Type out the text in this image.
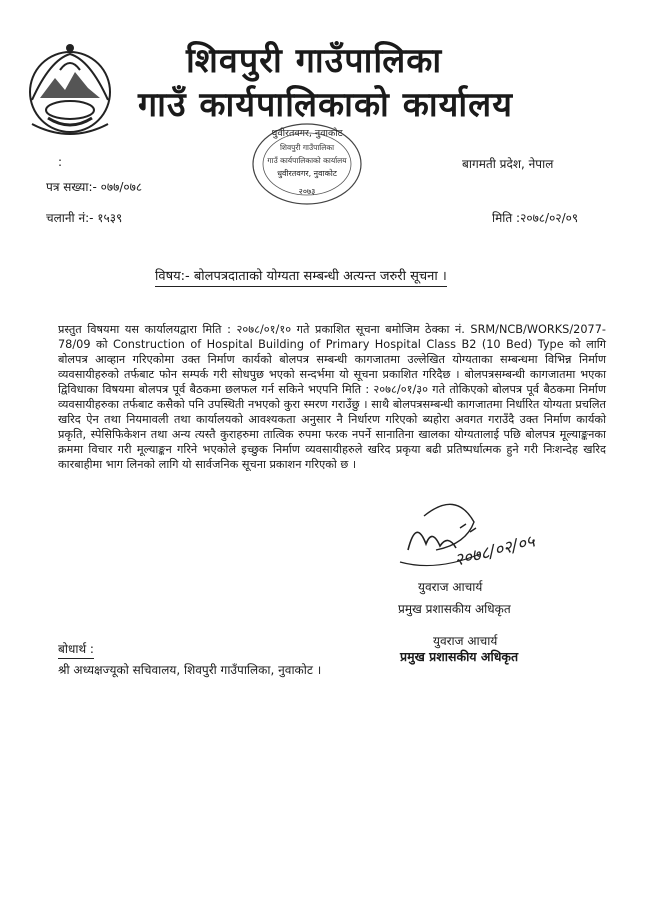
शिवपुरी गाउँपालिका
गाउँ कार्यपालिकाको कार्यालय
धुवीरतवगर, नुवाकोट
शिवपुरी गाउँपालिका
गाउँ कार्यपालिकाको कार्यालय
धुवीरतवगर, नुवाकोट
२०७३
:	बागमती प्रदेश, नेपाल
पत्र सख्या:- ०७७/०७८
चलानी नं:- १५३९	मिति :२०७८/०२/०९
विषय:- बोलपत्रदाताको योग्यता सम्बन्धी अत्यन्त जरुरी सूचना ।
प्रस्तुत विषयमा यस कार्यालयद्वारा मिति : २०७८/०१/१० गते प्रकाशित सूचना बमोजिम ठेक्का नं. SRM/NCB/WORKS/2077-78/09 को Construction of Hospital Building of Primary Hospital Class B2 (10 Bed) Type को लागि बोलपत्र आव्हान गरिएकोमा उक्त निर्माण कार्यको बोलपत्र सम्बन्धी कागजातमा उल्लेखित योग्यताका सम्बन्धमा विभिन्न निर्माण व्यवसायीहरुको तर्फबाट फोन सम्पर्क गरी सोधपुछ भएको सन्दर्भमा यो सूचना प्रकाशित गरिदैछ । बोलपत्रसम्बन्धी कागजातमा भएका द्विविधाका विषयमा बोलपत्र पूर्व बैठकमा छलफल गर्न सकिने भएपनि मिति : २०७८/०१/३० गते तोकिएको बोलपत्र पूर्व बैठकमा निर्माण व्यवसायीहरुका तर्फबाट कसैको पनि उपस्थिती नभएको कुरा स्मरण गराउँछु । साथै बोलपत्रसम्बन्धी कागजातमा निर्धारित योग्यता प्रचलित खरिद ऐन तथा नियमावली तथा कार्यालयको आवश्यकता अनुसार नै निर्धारण गरिएको ब्यहोरा अवगत गराउँदै उक्त निर्माण कार्यको प्रकृति, स्पेसिफिकेशन तथा अन्य त्यस्तै कुराहरुमा तात्विक रुपमा फरक नपर्ने सानातिना खालका योग्यतालाई पछि बोलपत्र मूल्याङ्कनका क्रममा विचार गरी मूल्याङ्कन गरिने भएकोले इच्छुक निर्माण व्यवसायीहरुले खरिद प्रकृया बढी प्रतिष्पर्धात्मक हुने गरी निःशन्देह खरिद कारबाहीमा भाग लिनको लागि यो सार्वजनिक सूचना प्रकाशन गरिएको छ ।
२०७८/०२/०५
युवराज आचार्य
प्रमुख प्रशासकीय अधिकृत
युवराज आचार्य
प्रमुख प्रशासकीय अधिकृत
बोधार्थ :
श्री अध्यक्षज्यूको सचिवालय, शिवपुरी गाउँपालिका, नुवाकोट ।
